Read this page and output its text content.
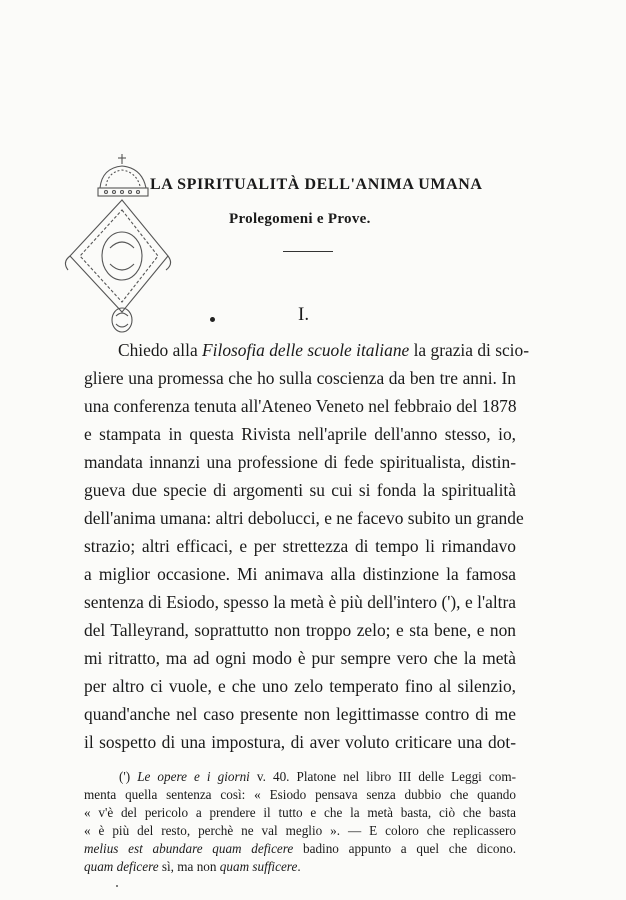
LA SPIRITUALITÀ DELL'ANIMA UMANA
Prolegomeni e Prove.
I.
Chiedo alla Filosofia delle scuole italiane la grazia di scio-
gliere una promessa che ho sulla coscienza da ben tre anni. In
una conferenza tenuta all'Ateneo Veneto nel febbraio del 1878
e stampata in questa Rivista nell'aprile dell'anno stesso, io,
mandata innanzi una professione di fede spiritualista, distin-
gueva due specie di argomenti su cui si fonda la spiritualità
dell'anima umana: altri debolucci, e ne facevo subito un grande
strazio; altri efficaci, e per strettezza di tempo li rimandavo
a miglior occasione. Mi animava alla distinzione la famosa
sentenza di Esiodo, spesso la metà è più dell'intero ('), e l'altra
del Talleyrand, soprattutto non troppo zelo; e sta bene, e non
mi ritratto, ma ad ogni modo è pur sempre vero che la metà
per altro ci vuole, e che uno zelo temperato fino al silenzio,
quand'anche nel caso presente non legittimasse contro di me
il sospetto di una impostura, di aver voluto criticare una dot-
(') Le opere e i giorni v. 40. Platone nel libro III delle Leggi com-
menta quella sentenza così: « Esiodo pensava senza dubbio che quando
« v'è del pericolo a prendere il tutto e che la metà basta, ciò che basta
« è più del resto, perchè ne val meglio ». — E coloro che replicassero
melius est abundare quam deficere badino appunto a quel che dicono.
quam deficere sì, ma non quam sufficere.
